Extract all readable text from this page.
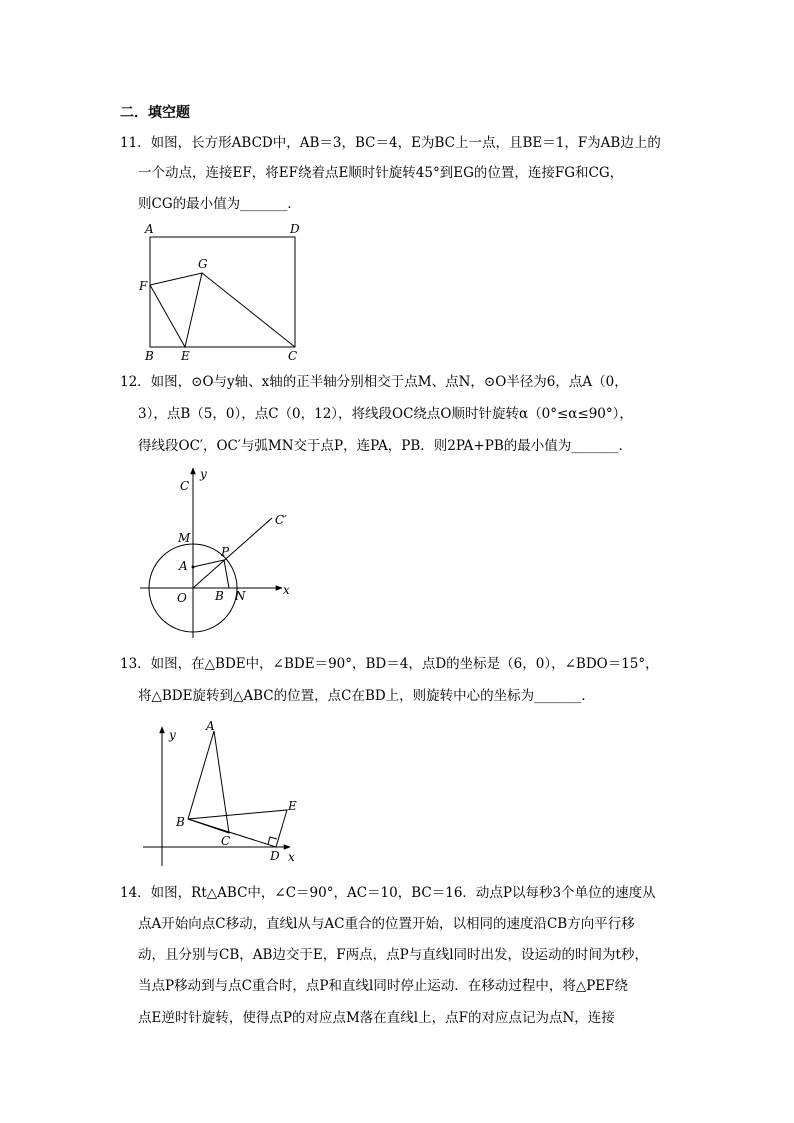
二．填空题
11．如图，长方形ABCD中，AB＝3，BC＝4，E为BC上一点，且BE＝1，F为AB边上的
一个动点，连接EF，将EF绕着点E顺时针旋转45°到EG的位置，连接FG和CG，
则CG的最小值为_______．
A	D
F
G
B E	C
12．如图，⊙O与y轴、x轴的正半轴分别相交于点M、点N，⊙O半径为6，点A（0，
3），点B（5，0），点C（0，12），将线段OC绕点O顺时针旋转α（0°≤α≤90°），
得线段OC′，OC′与弧MN交于点P，连PA，PB．则2PA+PB的最小值为_______．
C
y
C′
M
P
A
O B N	x
13．如图，在△BDE中，∠BDE＝90°，BD＝4，点D的坐标是（6，0），∠BDO＝15°，
将△BDE旋转到△ABC的位置，点C在BD上，则旋转中心的坐标为_______．
y
A
E
B
C
D x
14．如图，Rt△ABC中，∠C＝90°，AC＝10，BC＝16．动点P以每秒3个单位的速度从
点A开始向点C移动，直线l从与AC重合的位置开始，以相同的速度沿CB方向平行移
动，且分别与CB，AB边交于E，F两点，点P与直线l同时出发，设运动的时间为t秒，
当点P移动到与点C重合时，点P和直线l同时停止运动．在移动过程中，将△PEF绕
点E逆时针旋转，使得点P的对应点M落在直线l上，点F的对应点记为点N，连接
